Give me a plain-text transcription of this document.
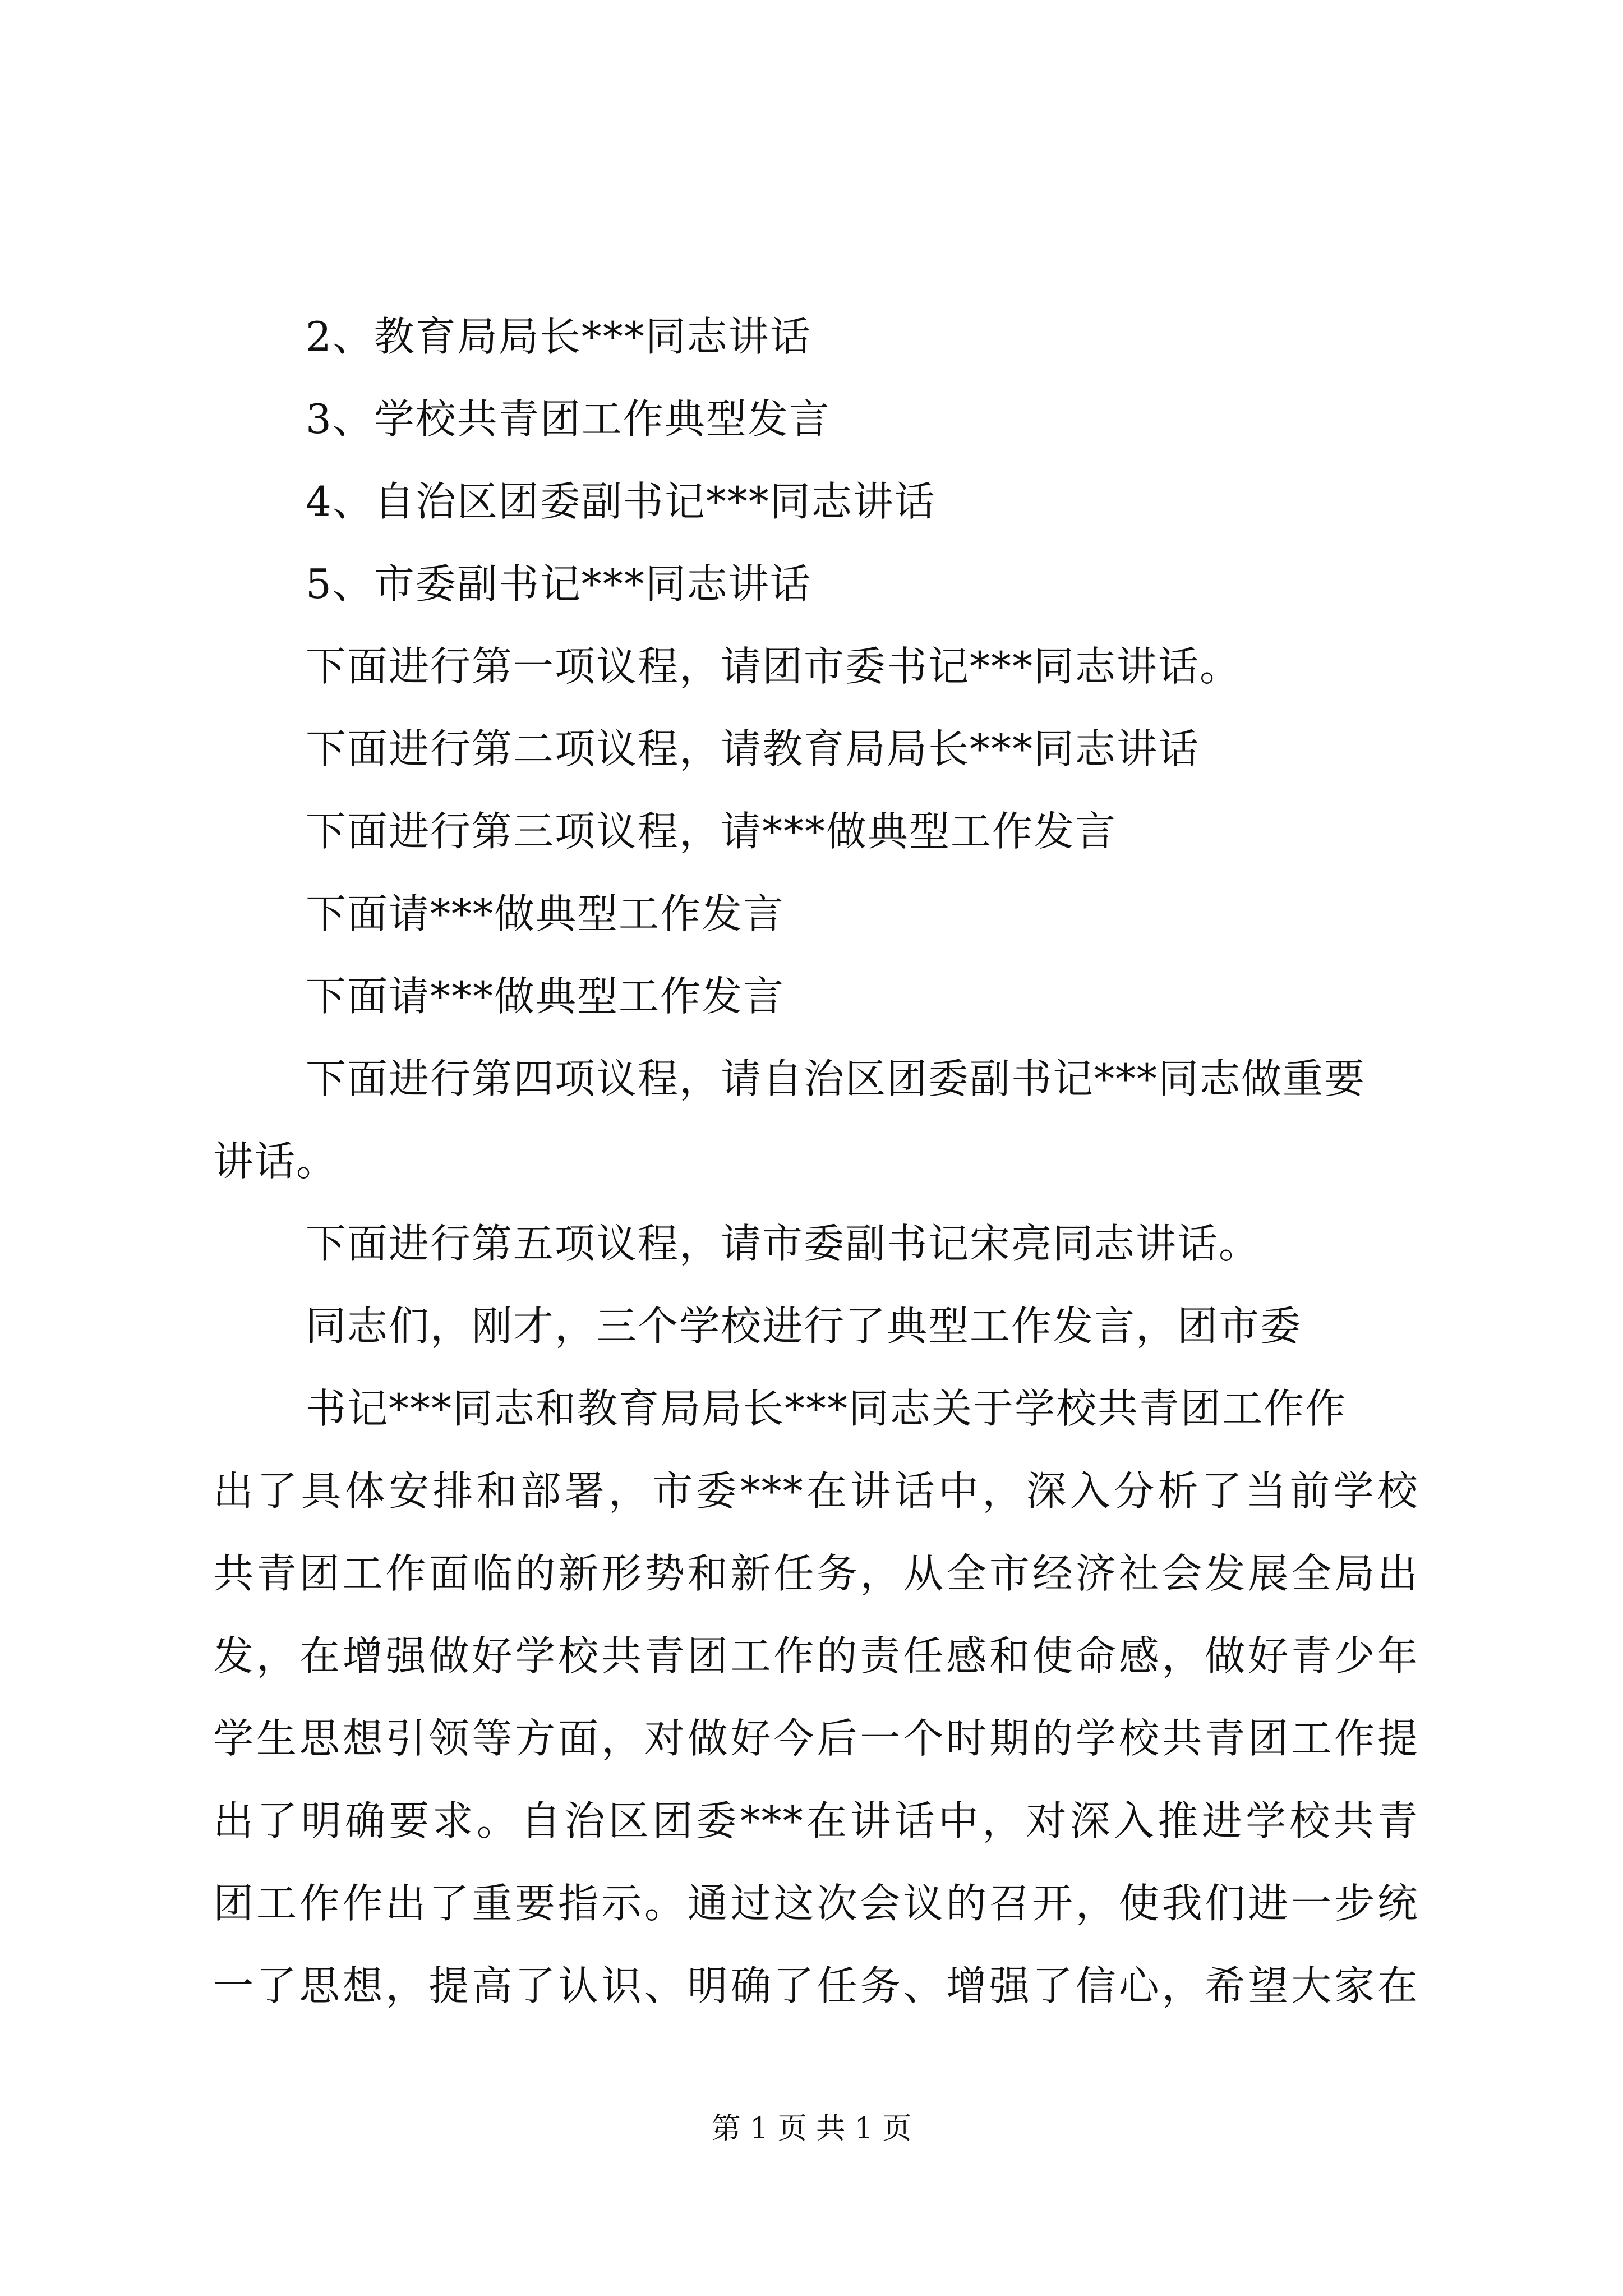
2、教育局局长***同志讲话
3、学校共青团工作典型发言
4、自治区团委副书记***同志讲话
5、市委副书记***同志讲话
下面进行第一项议程，请团市委书记***同志讲话。
下面进行第二项议程，请教育局局长***同志讲话
下面进行第三项议程，请***做典型工作发言
下面请***做典型工作发言
下面请***做典型工作发言
下面进行第四项议程，请自治区团委副书记***同志做重要
讲话。
下面进行第五项议程，请市委副书记宋亮同志讲话。
同志们，刚才，三个学校进行了典型工作发言，团市委
书记***同志和教育局局长***同志关于学校共青团工作作
出了具体安排和部署，市委***在讲话中，深入分析了当前学校
共青团工作面临的新形势和新任务，从全市经济社会发展全局出
发，在增强做好学校共青团工作的责任感和使命感，做好青少年
学生思想引领等方面，对做好今后一个时期的学校共青团工作提
出了明确要求。自治区团委***在讲话中，对深入推进学校共青
团工作作出了重要指示。通过这次会议的召开，使我们进一步统
一了思想，提高了认识、明确了任务、增强了信心，希望大家在
第 1 页 共 1 页
